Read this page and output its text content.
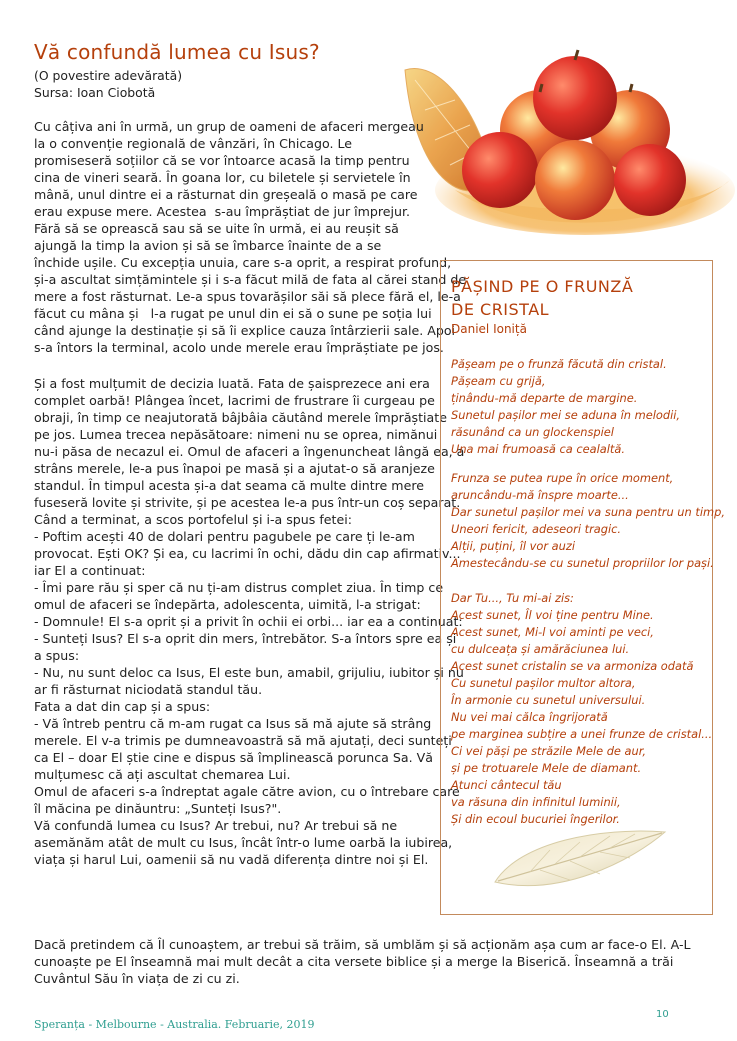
Vă confundă lumea cu Isus?
(O povestire adevărată)
Sursa: Ioan Ciobotă

Cu câțiva ani în urmă, un grup de oameni de afaceri mergeau

la o convenție regională de vânzări, în Chicago. Le

promiseseră soțiilor că se vor întoarce acasă la timp pentru

cina de vineri seară. În goana lor, cu biletele și servietele în

mână, unul dintre ei a răsturnat din greșeală o masă pe care

erau expuse mere. Acestea  s-au împrăștiat de jur împrejur.

Fără să se oprească sau să se uite în urmă, ei au reușit să

ajungă la timp la avion și să se îmbarce înainte de a se

închide ușile. Cu excepția unuia, care s-a oprit, a respirat profund,

și-a ascultat simțămintele și i s-a făcut milă de fata al cărei stand de

mere a fost răsturnat. Le-a spus tovarășilor săi să plece fără el, le-a

făcut cu mâna și   l-a rugat pe unul din ei să o sune pe soția lui

când ajunge la destinație și să îi explice cauza întârzierii sale. Apoi

s-a întors la terminal, acolo unde merele erau împrăștiate pe jos.

Și a fost mulțumit de decizia luată. Fata de șaisprezece ani era

complet oarbă! Plângea încet, lacrimi de frustrare îi curgeau pe

obraji, în timp ce neajutorată bâjbâia căutând merele împrăștiate

pe jos. Lumea trecea nepăsătoare: nimeni nu se oprea, nimănui

nu-i păsa de necazul ei. Omul de afaceri a îngenuncheat lângă ea, a

strâns merele, le-a pus înapoi pe masă și a ajutat-o să aranjeze

standul. În timpul acesta și-a dat seama că multe dintre mere

fuseseră lovite și strivite, și pe acestea le-a pus într-un coș separat.

Când a terminat, a scos portofelul și i-a spus fetei:

- Poftim acești 40 de dolari pentru pagubele pe care ți le-am

provocat. Ești OK? Și ea, cu lacrimi în ochi, dădu din cap afirmativ...

iar El a continuat:

- Îmi pare rău și sper că nu ți-am distrus complet ziua. În timp ce

omul de afaceri se îndepărta, adolescenta, uimită, l-a strigat:

- Domnule! El s-a oprit și a privit în ochii ei orbi... iar ea a continuat:

- Sunteți Isus? El s-a oprit din mers, întrebător. S-a întors spre ea și

a spus:

- Nu, nu sunt deloc ca Isus, El este bun, amabil, grijuliu, iubitor și nu

ar fi răsturnat niciodată standul tău.

Fata a dat din cap și a spus:

- Vă întreb pentru că m-am rugat ca Isus să mă ajute să strâng

merele. El v-a trimis pe dumneavoastră să mă ajutați, deci sunteți

ca El – doar El știe cine e dispus să împlinească porunca Sa. Vă

mulțumesc că ați ascultat chemarea Lui.

Omul de afaceri s-a îndreptat agale către avion, cu o întrebare care

îl măcina pe dinăuntru: „Sunteți Isus?".

Vă confundă lumea cu Isus? Ar trebui, nu? Ar trebui să ne

asemănăm atât de mult cu Isus, încât într-o lume oarbă la iubirea,

viața și harul Lui, oamenii să nu vadă diferența dintre noi și El.

PĂȘIND PE O FRUNZĂ
DE CRISTAL
Daniel Ioniță

Pășeam pe o frunză făcută din cristal.

Pășeam cu grijă,

ținându-mă departe de margine.

Sunetul pașilor mei se aduna în melodii,

răsunând ca un glockenspiel

Una mai frumoasă ca cealaltă.

Frunza se putea rupe în orice moment,

aruncându-mă înspre moarte...

Dar sunetul pașilor mei va suna pentru un timp,

Uneori fericit, adeseori tragic.

Alții, puțini, îl vor auzi

Amestecându-se cu sunetul propriilor lor pași.

Dar Tu..., Tu mi-ai zis:

Acest sunet, Îl voi ține pentru Mine.

Acest sunet, Mi-l voi aminti pe veci,

cu dulceața și amărăciunea lui.

Acest sunet cristalin se va armoniza odată

Cu sunetul pașilor multor altora,

În armonie cu sunetul universului.

Nu vei mai călca îngrijorată

pe marginea subțire a unei frunze de cristal...

Ci vei păși pe străzile Mele de aur,

și pe trotuarele Mele de diamant.

Atunci cântecul tău

va răsuna din infinitul luminii,

Și din ecoul bucuriei îngerilor.

Dacă pretindem că Îl cunoaștem, ar trebui să trăim, să umblăm și să acționăm așa cum ar face-o El. A-L

cunoaște pe El înseamnă mai mult decât a cita versete biblice și a merge la Biserică. Înseamnă a trăi

Cuvântul Său în viața de zi cu zi.

10
Speranța - Melbourne - Australia. Februarie, 2019
